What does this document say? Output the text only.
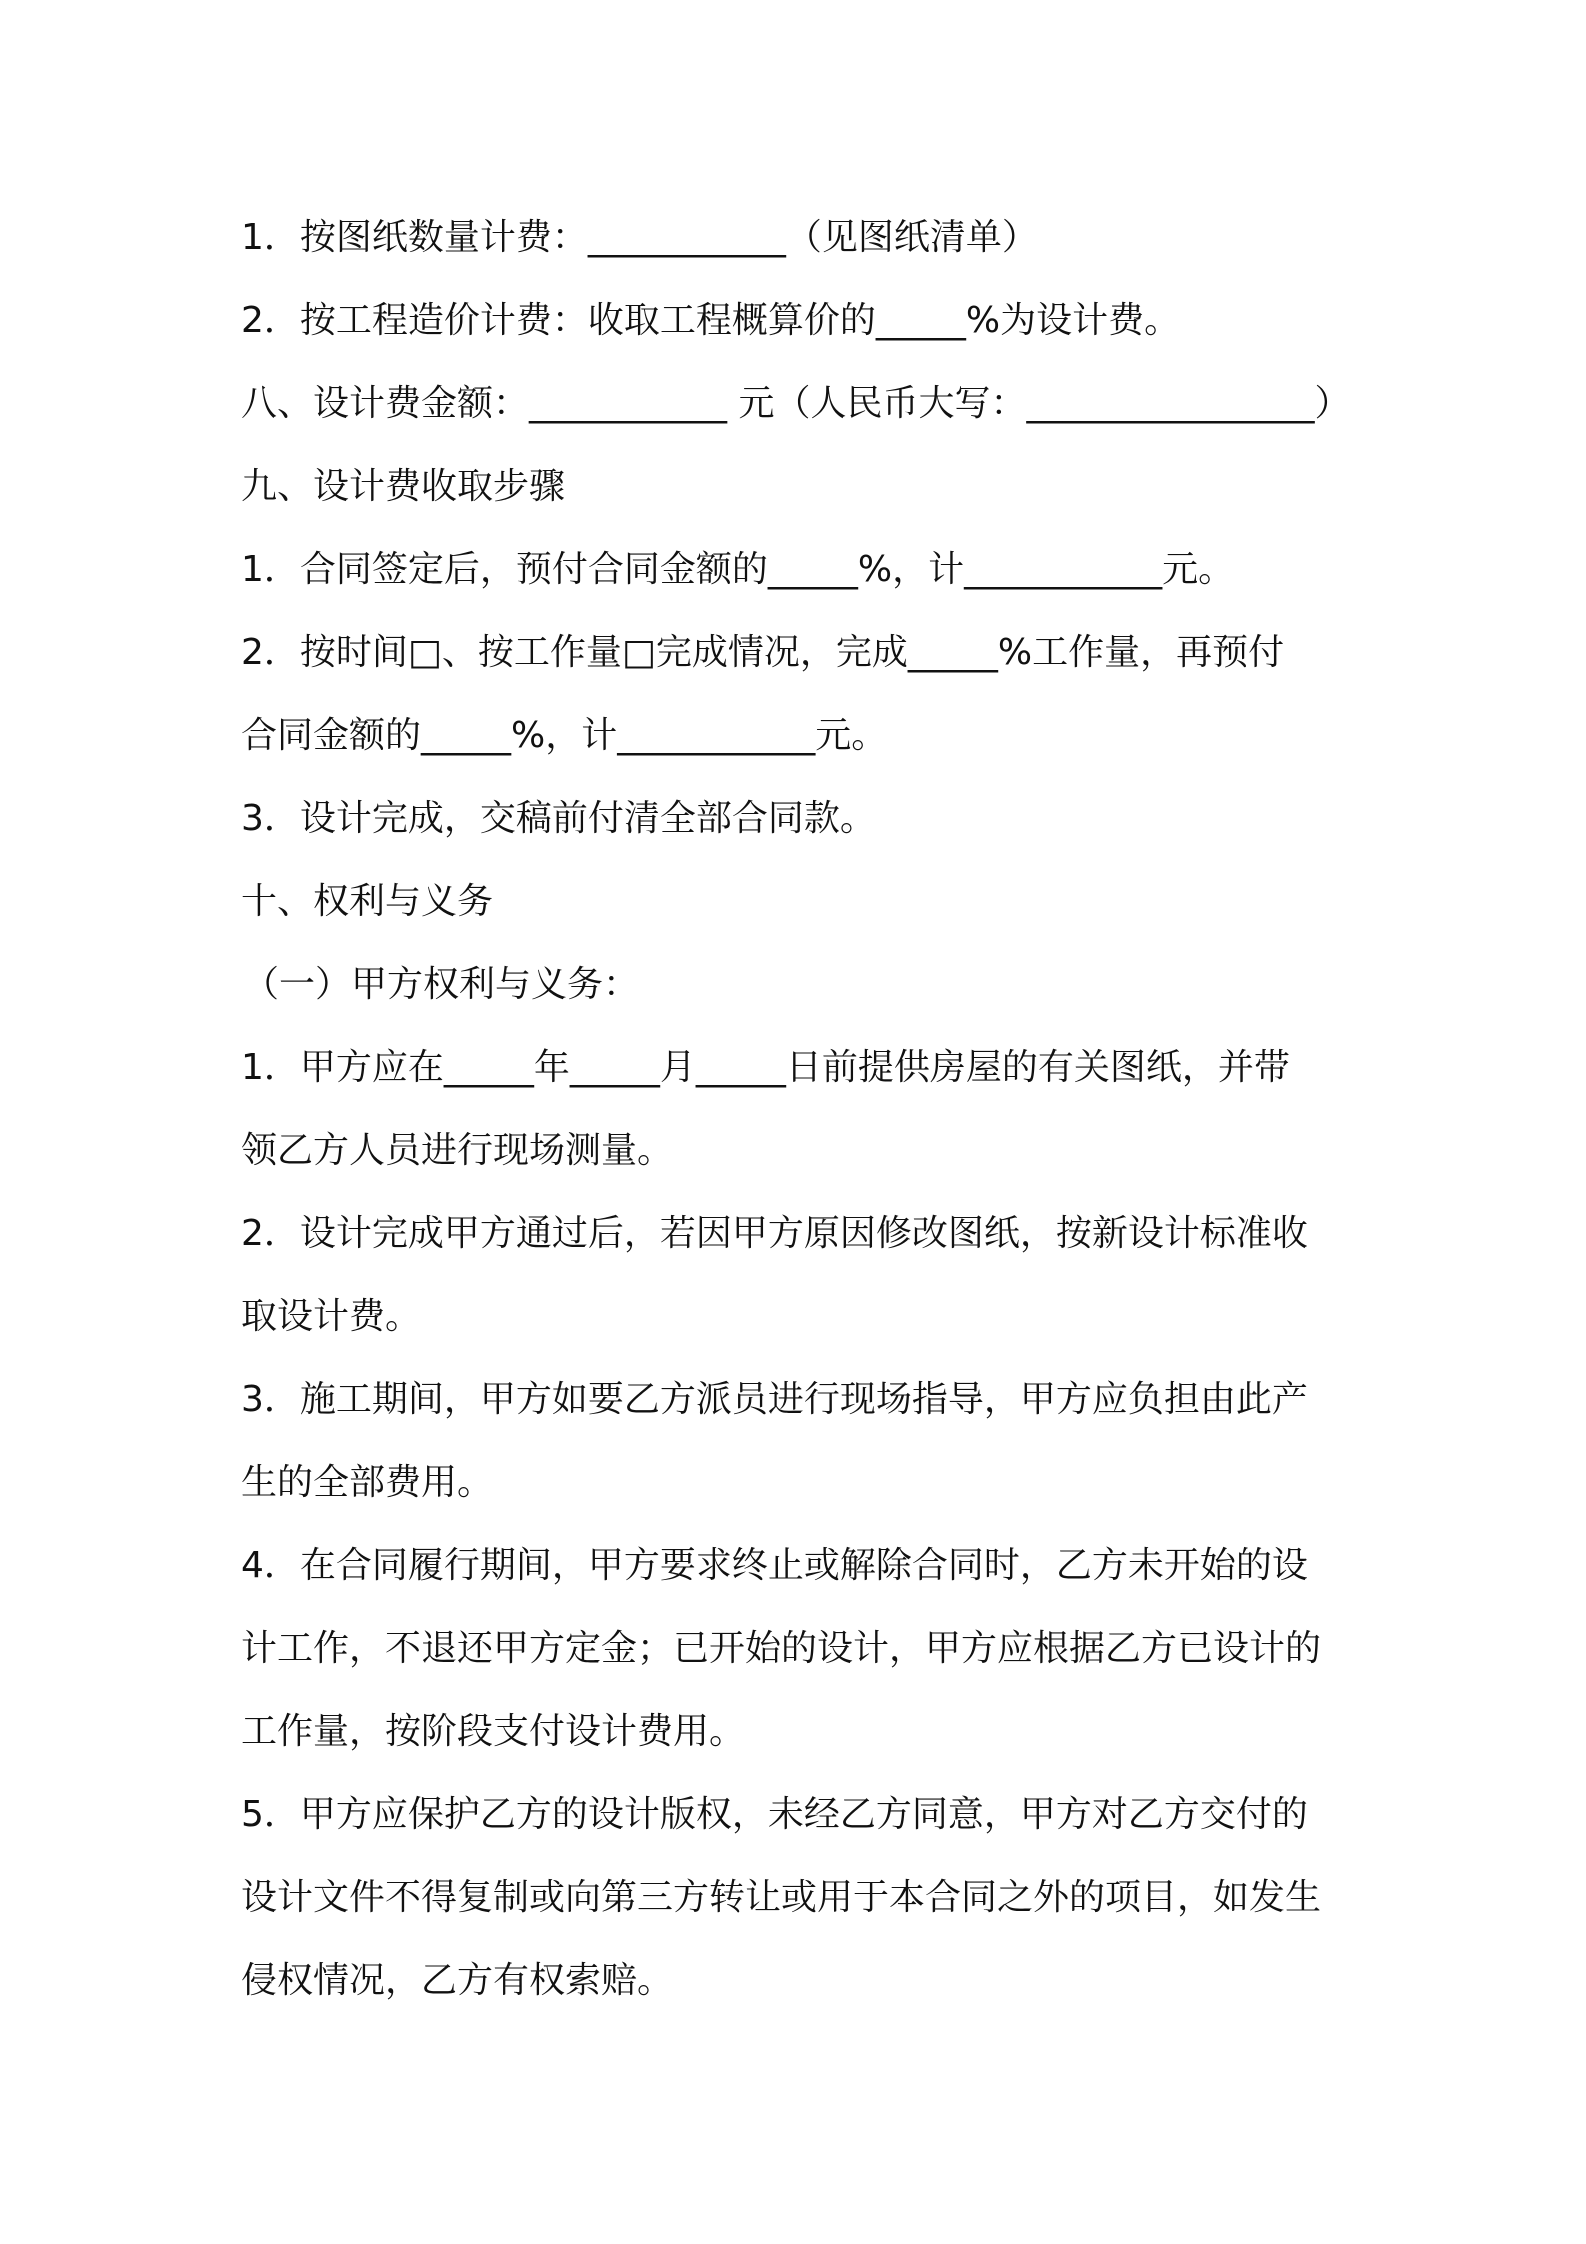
1．按图纸数量计费：___________（见图纸清单）
2．按工程造价计费：收取工程概算价的_____%为设计费。
八、设计费金额：___________ 元（人民币大写：________________）
九、设计费收取步骤
1．合同签定后，预付合同金额的_____%，计___________元。
2．按时间□、按工作量□完成情况，完成_____%工作量，再预付
合同金额的_____%，计___________元。
3．设计完成，交稿前付清全部合同款。
十、权利与义务
（一）甲方权利与义务：
1．甲方应在_____年_____月_____日前提供房屋的有关图纸，并带
领乙方人员进行现场测量。
2．设计完成甲方通过后，若因甲方原因修改图纸，按新设计标准收
取设计费。
3．施工期间，甲方如要乙方派员进行现场指导，甲方应负担由此产
生的全部费用。
4．在合同履行期间，甲方要求终止或解除合同时，乙方未开始的设
计工作，不退还甲方定金；已开始的设计，甲方应根据乙方已设计的
工作量，按阶段支付设计费用。
5．甲方应保护乙方的设计版权，未经乙方同意，甲方对乙方交付的
设计文件不得复制或向第三方转让或用于本合同之外的项目，如发生
侵权情况，乙方有权索赔。
